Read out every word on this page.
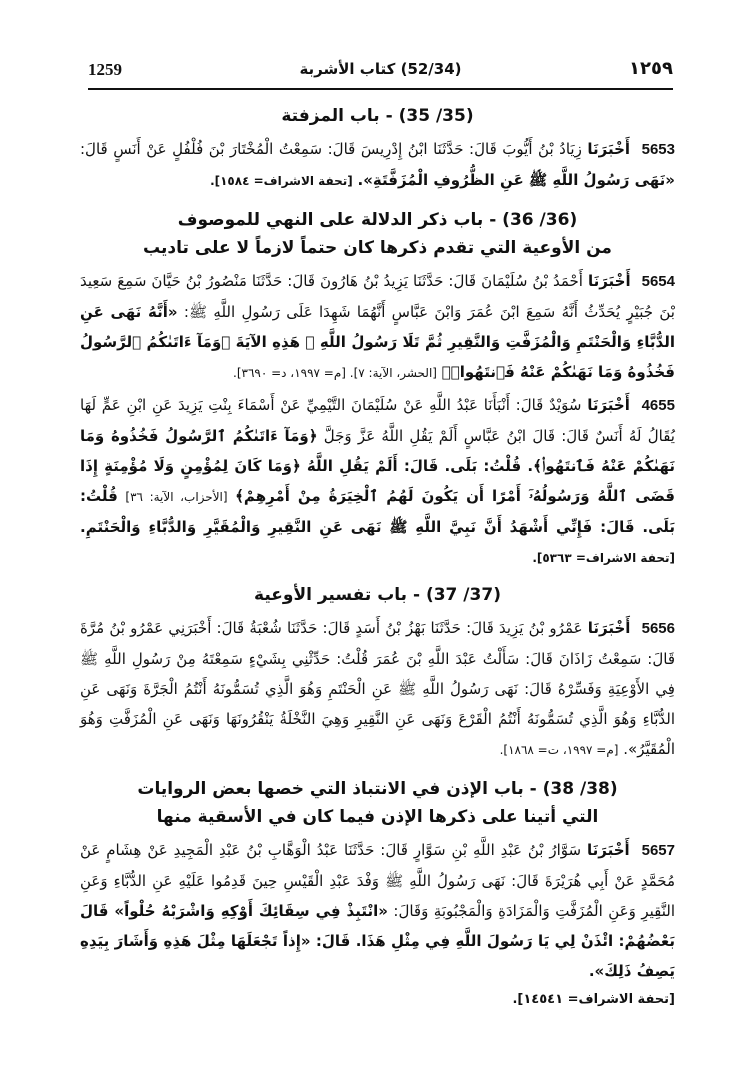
1259	(52/34) كتاب الأشربة	١٢٥٩
(35/ 35) - باب المزفتة

5653 أَخْبَرَنَا زِيَادُ بْنُ أَيُّوبَ قَالَ: حَدَّثَنَا ابْنُ إِدْرِيسَ قَالَ: سَمِعْتُ الْمُخْتَارَ بْنَ فُلْفُلٍ عَنْ أَنَسٍ قَالَ: «نَهَى رَسُولُ اللَّهِ ﷺ عَنِ الظُّرُوفِ الْمُزَفَّتَةِ». [تحفة الاشراف= ١٥٨٤].

(36/ 36) - باب ذكر الدلالة على النهي للموصوف
من الأوعية التي تقدم ذكرها كان حتماً لازماً لا على تاديب

5654 أَخْبَرَنَا أَحْمَدُ بْنُ سُلَيْمَانَ قَالَ: حَدَّثَنَا يَزِيدُ بْنُ هَارُونَ قَالَ: حَدَّثَنَا مَنْصُورُ بْنُ حَيَّانَ سَمِعَ سَعِيدَ بْنَ جُبَيْرٍ يُحَدِّثُ أَنَّهُ سَمِعَ ابْنَ عُمَرَ وَابْنَ عَبَّاسٍ أَنَّهُمَا شَهِدَا عَلَى رَسُولِ اللَّهِ ﷺ: «أَنَّهُ نَهَى عَنِ الدُّبَّاءِ وَالْحَنْتَمِ وَالْمُزَفَّتِ وَالنَّقِيرِ ثُمَّ تَلَا رَسُولُ اللَّهِ ﷺ هَذِهِ الآيَةَ ﴿وَمَآ ءَاتَىٰكُمُ ٱلرَّسُولُ فَخُذُوهُ وَمَا نَهَىٰكُمْ عَنْهُ فَٱنتَهُوا۟﴾ [الحشر، الآية: ٧]. [م= ١٩٩٧، د= ٣٦٩٠].

4655 أَخْبَرَنَا سُوَيْدٌ قَالَ: أَنْبَأَنَا عَبْدُ اللَّهِ عَنْ سُلَيْمَانَ التَّيْمِيِّ عَنْ أَسْمَاءَ بِنْتِ يَزِيدَ عَنِ ابْنِ عَمٍّ لَهَا يُقَالُ لَهُ أَنَسٌ قَالَ: قَالَ ابْنُ عَبَّاسٍ أَلَمْ يَقُلِ اللَّهُ عَزَّ وَجَلَّ ﴿وَمَآ ءَاتَىٰكُمُ ٱلرَّسُولُ فَخُذُوهُ وَمَا نَهَىٰكُمْ عَنْهُ فَٱنتَهُوا۟﴾. قُلْتُ: بَلَى. قَالَ: أَلَمْ يَقُلِ اللَّهُ ﴿وَمَا كَانَ لِمُؤْمِنٍ وَلَا مُؤْمِنَةٍ إِذَا قَضَى ٱللَّهُ وَرَسُولُهُۥٓ أَمْرًا أَن يَكُونَ لَهُمُ ٱلْخِيَرَةُ مِنْ أَمْرِهِمْ﴾ [الأحزاب، الآية: ٣٦] قُلْتُ: بَلَى. قَالَ: فَإِنِّي أَشْهَدُ أَنَّ نَبِيَّ اللَّهِ ﷺ نَهَى عَنِ النَّقِيرِ وَالْمُقَيَّرِ وَالدُّبَّاءِ وَالْحَنْتَمِ. [تحفة الاشراف= ٥٣٦٣].

(37/ 37) - باب تفسير الأوعية

5656 أَخْبَرَنَا عَمْرُو بْنُ يَزِيدَ قَالَ: حَدَّثَنَا بَهْزُ بْنُ أَسَدٍ قَالَ: حَدَّثَنَا شُعْبَةُ قَالَ: أَخْبَرَنِي عَمْرُو بْنُ مُرَّةَ قَالَ: سَمِعْتُ زَاذَانَ قَالَ: سَأَلْتُ عَبْدَ اللَّهِ بْنَ عُمَرَ قُلْتُ: حَدِّثْنِي بِشَيْءٍ سَمِعْتَهُ مِنْ رَسُولِ اللَّهِ ﷺ فِي الأَوْعِيَةِ وَفَسِّرْهُ قَالَ: نَهَى رَسُولُ اللَّهِ ﷺ عَنِ الْحَنْتَمِ وَهُوَ الَّذِي تُسَمُّونَهُ أَنْتُمُ الْجَرَّةَ وَنَهَى عَنِ الدُّبَّاءِ وَهُوَ الَّذِي تُسَمُّونَهُ أَنْتُمُ الْقَرْعَ وَنَهَى عَنِ النَّقِيرِ وَهِيَ النَّخْلَةُ يَنْقُرُونَهَا وَنَهَى عَنِ الْمُزَفَّتِ وَهُوَ الْمُقَيَّرُ». [م= ١٩٩٧، ت= ١٨٦٨].

(38/ 38) - باب الإذن في الانتباذ التي خصها بعض الروايات
التي أتينا على ذكرها الإذن فيما كان في الأسقية منها

5657 أَخْبَرَنَا سَوَّارُ بْنُ عَبْدِ اللَّهِ بْنِ سَوَّارٍ قَالَ: حَدَّثَنَا عَبْدُ الْوَهَّابِ بْنُ عَبْدِ الْمَجِيدِ عَنْ هِشَامٍ عَنْ مُحَمَّدٍ عَنْ أَبِي هُرَيْرَةَ قَالَ: نَهَى رَسُولُ اللَّهِ ﷺ وَفْدَ عَبْدِ الْقَيْسِ حِينَ قَدِمُوا عَلَيْهِ عَنِ الدُّبَّاءِ وَعَنِ النَّقِيرِ وَعَنِ الْمُزَفَّتِ وَالْمَزَادَةِ وَالْمَجْبُوبَةِ وَقَالَ: «انْتَبِذْ فِي سِقَائِكَ أَوْكِهِ وَاشْرَبْهُ حُلْواً» قَالَ بَعْضُهُمْ: ائْذَنْ لِي يَا رَسُولَ اللَّهِ فِي مِثْلِ هَذَا. قَالَ: «إِذاً تَجْعَلَهَا مِثْلَ هَذِهِ وَأَشَارَ بِيَدِهِ يَصِفُ ذَلِكَ».

[تحفة الاشراف= ١٤٥٤١].
